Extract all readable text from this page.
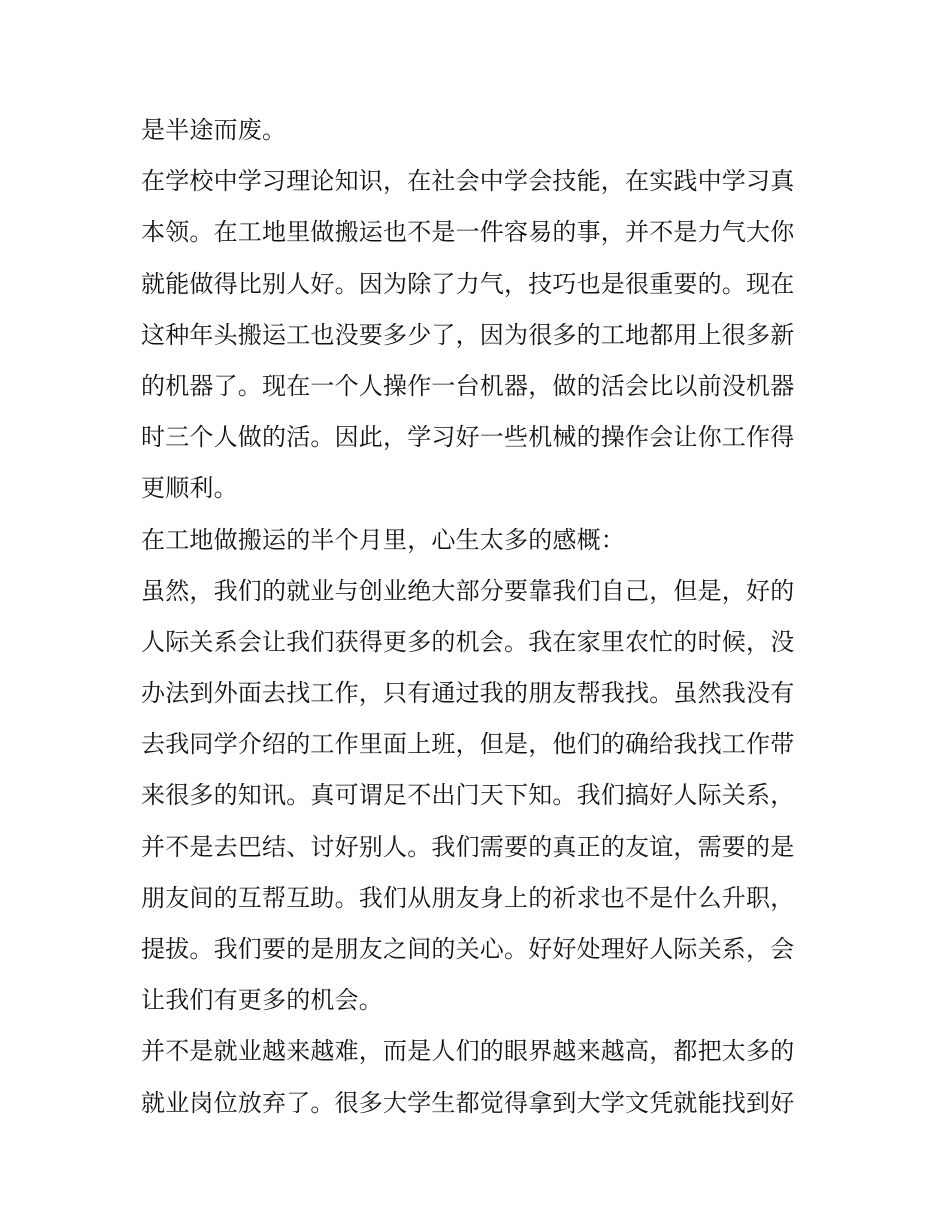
是半途而废。
在学校中学习理论知识，在社会中学会技能，在实践中学习真
本领。在工地里做搬运也不是一件容易的事，并不是力气大你
就能做得比别人好。因为除了力气，技巧也是很重要的。现在
这种年头搬运工也没要多少了，因为很多的工地都用上很多新
的机器了。现在一个人操作一台机器，做的活会比以前没机器
时三个人做的活。因此，学习好一些机械的操作会让你工作得
更顺利。
在工地做搬运的半个月里，心生太多的感概：
虽然，我们的就业与创业绝大部分要靠我们自己，但是，好的
人际关系会让我们获得更多的机会。我在家里农忙的时候，没
办法到外面去找工作，只有通过我的朋友帮我找。虽然我没有
去我同学介绍的工作里面上班，但是，他们的确给我找工作带
来很多的知讯。真可谓足不出门天下知。我们搞好人际关系，
并不是去巴结、讨好别人。我们需要的真正的友谊，需要的是
朋友间的互帮互助。我们从朋友身上的祈求也不是什么升职，
提拔。我们要的是朋友之间的关心。好好处理好人际关系，会
让我们有更多的机会。
并不是就业越来越难，而是人们的眼界越来越高，都把太多的
就业岗位放弃了。很多大学生都觉得拿到大学文凭就能找到好
